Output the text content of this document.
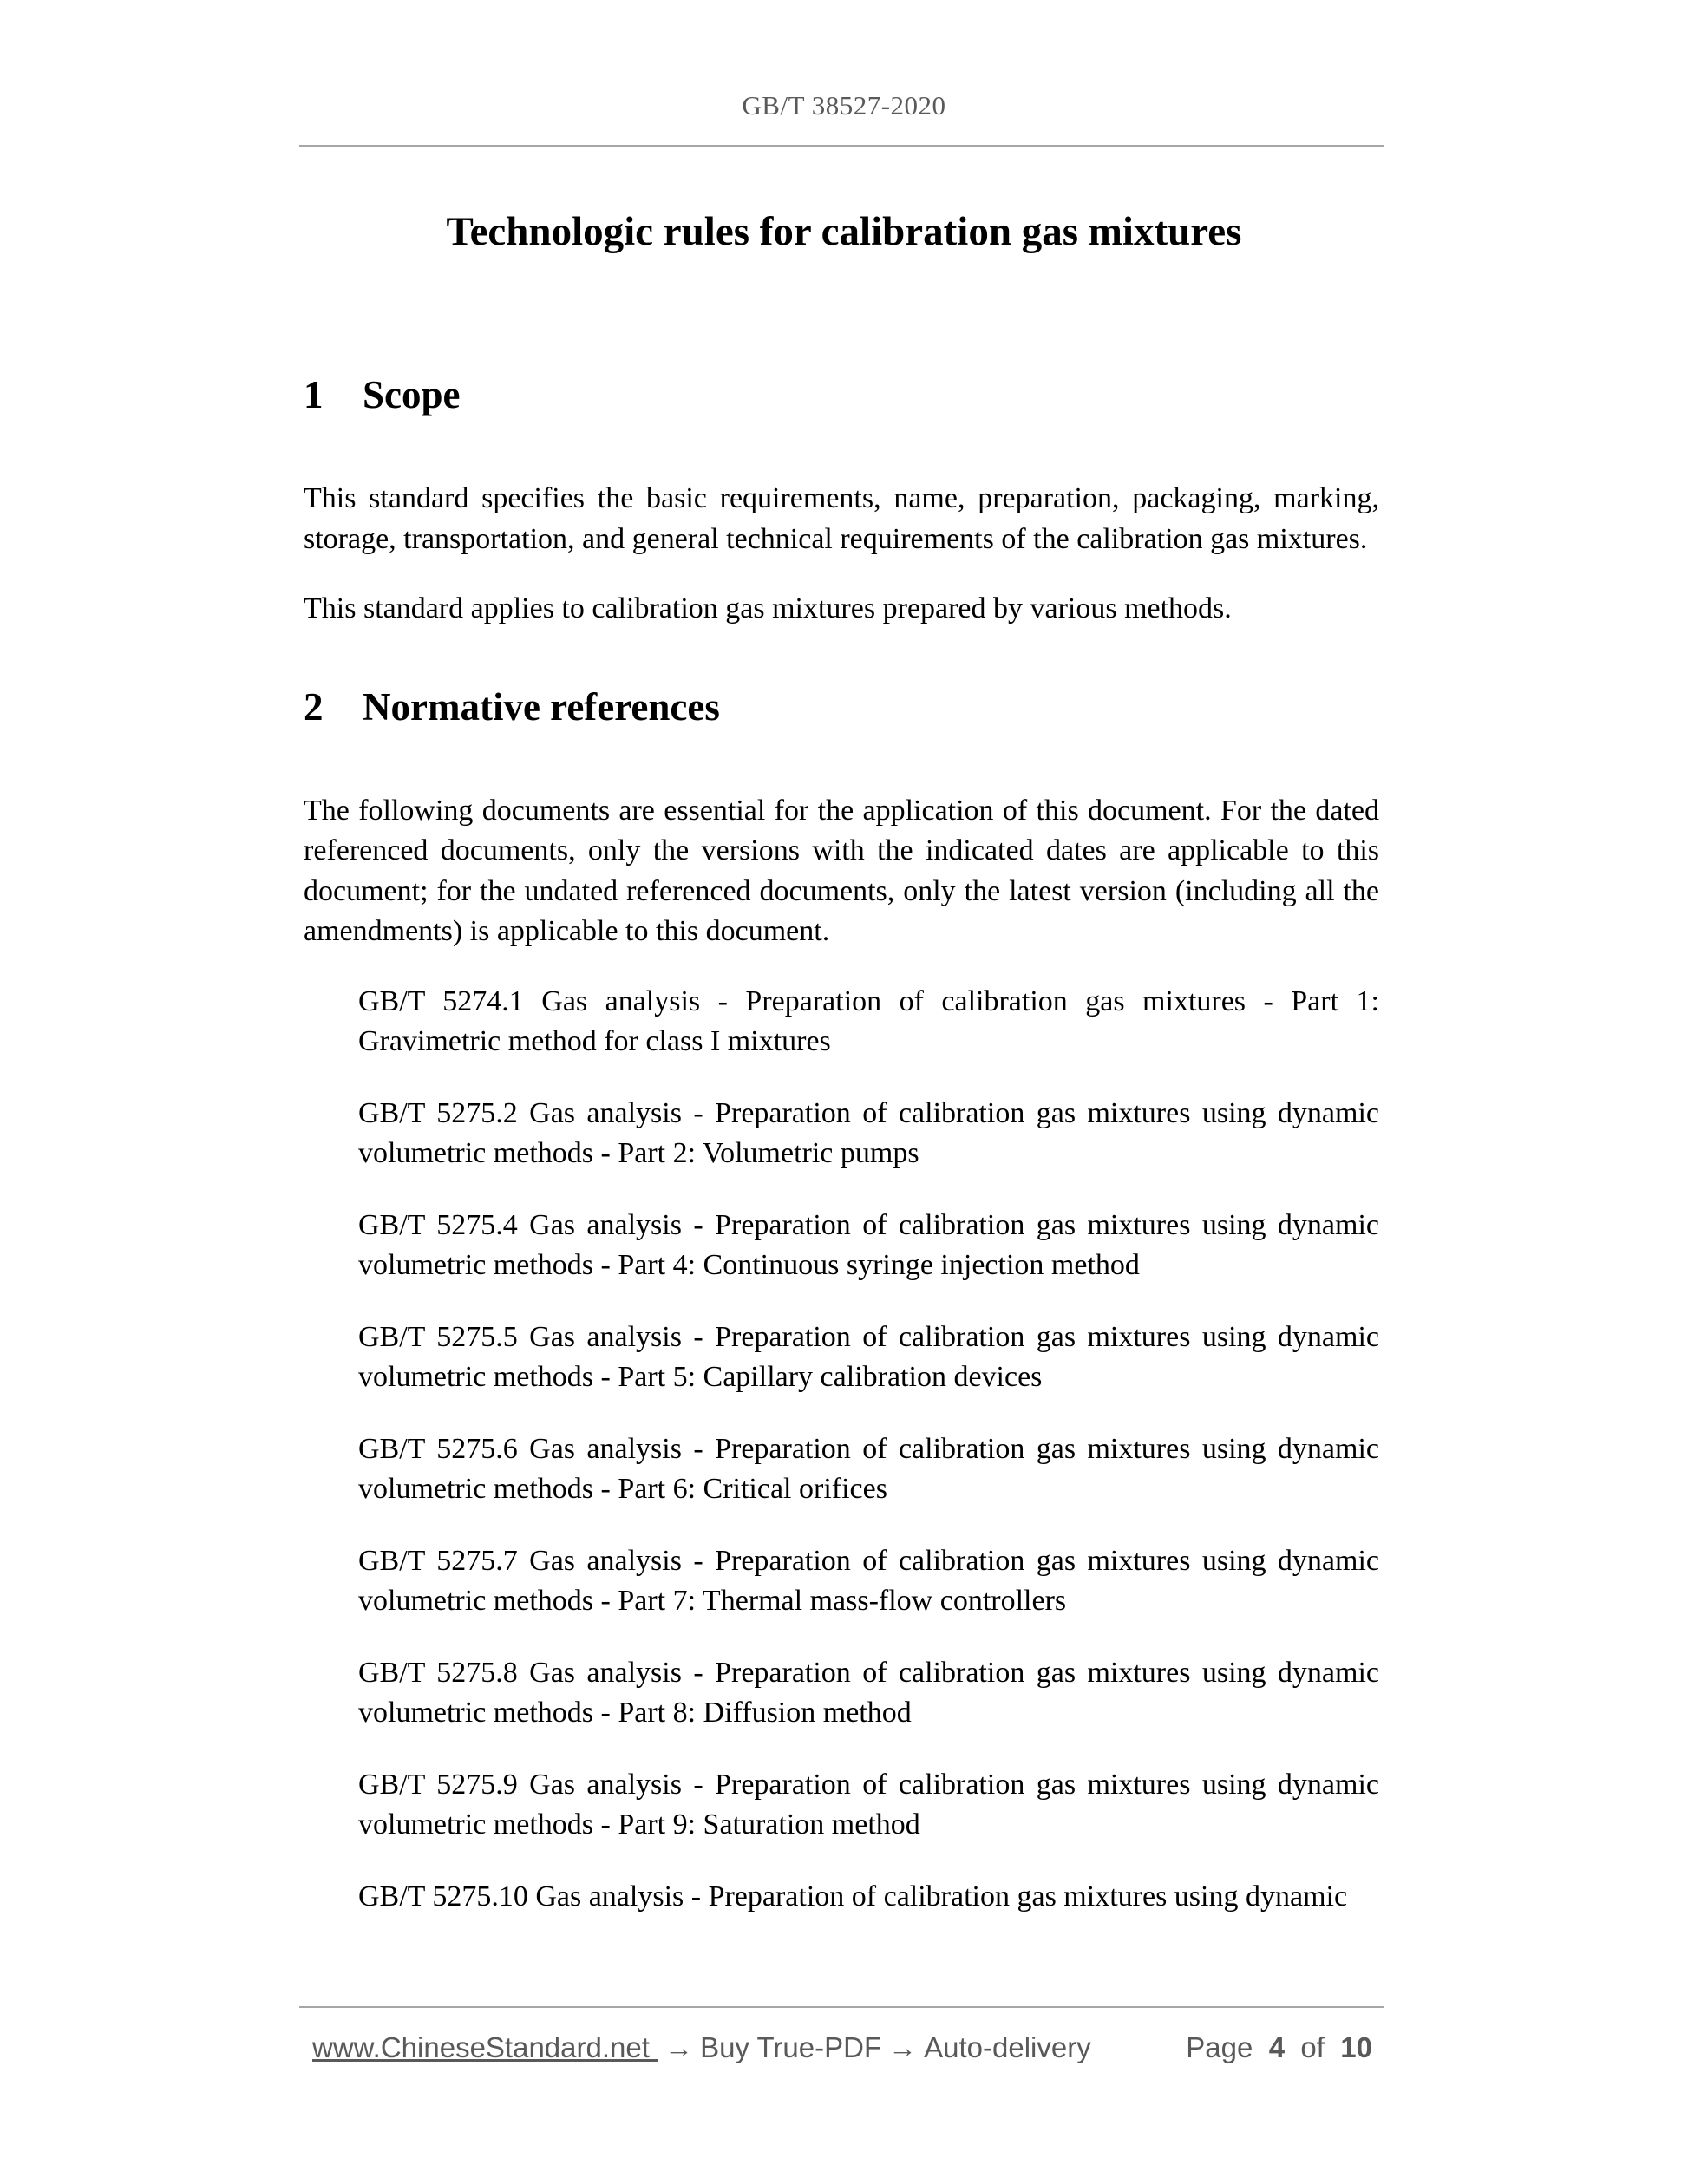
GB/T 38527-2020
Technologic rules for calibration gas mixtures
1 Scope

This standard specifies the basic requirements, name, preparation, packaging, marking, storage, transportation, and general technical requirements of the calibration gas mixtures.

This standard applies to calibration gas mixtures prepared by various methods.

2 Normative references

The following documents are essential for the application of this document. For the dated referenced documents, only the versions with the indicated dates are applicable to this document; for the undated referenced documents, only the latest version (including all the amendments) is applicable to this document.

GB/T 5274.1 Gas analysis - Preparation of calibration gas mixtures - Part 1: Gravimetric method for class I mixtures
GB/T 5275.2 Gas analysis - Preparation of calibration gas mixtures using dynamic volumetric methods - Part 2: Volumetric pumps
GB/T 5275.4 Gas analysis - Preparation of calibration gas mixtures using dynamic volumetric methods - Part 4: Continuous syringe injection method
GB/T 5275.5 Gas analysis - Preparation of calibration gas mixtures using dynamic volumetric methods - Part 5: Capillary calibration devices
GB/T 5275.6 Gas analysis - Preparation of calibration gas mixtures using dynamic volumetric methods - Part 6: Critical orifices
GB/T 5275.7 Gas analysis - Preparation of calibration gas mixtures using dynamic volumetric methods - Part 7: Thermal mass-flow controllers
GB/T 5275.8 Gas analysis - Preparation of calibration gas mixtures using dynamic volumetric methods - Part 8: Diffusion method
GB/T 5275.9 Gas analysis - Preparation of calibration gas mixtures using dynamic volumetric methods - Part 9: Saturation method
GB/T 5275.10 Gas analysis - Preparation of calibration gas mixtures using dynamic
www.ChineseStandard.net → Buy True-PDF → Auto-delivery	Page 4 of 10
